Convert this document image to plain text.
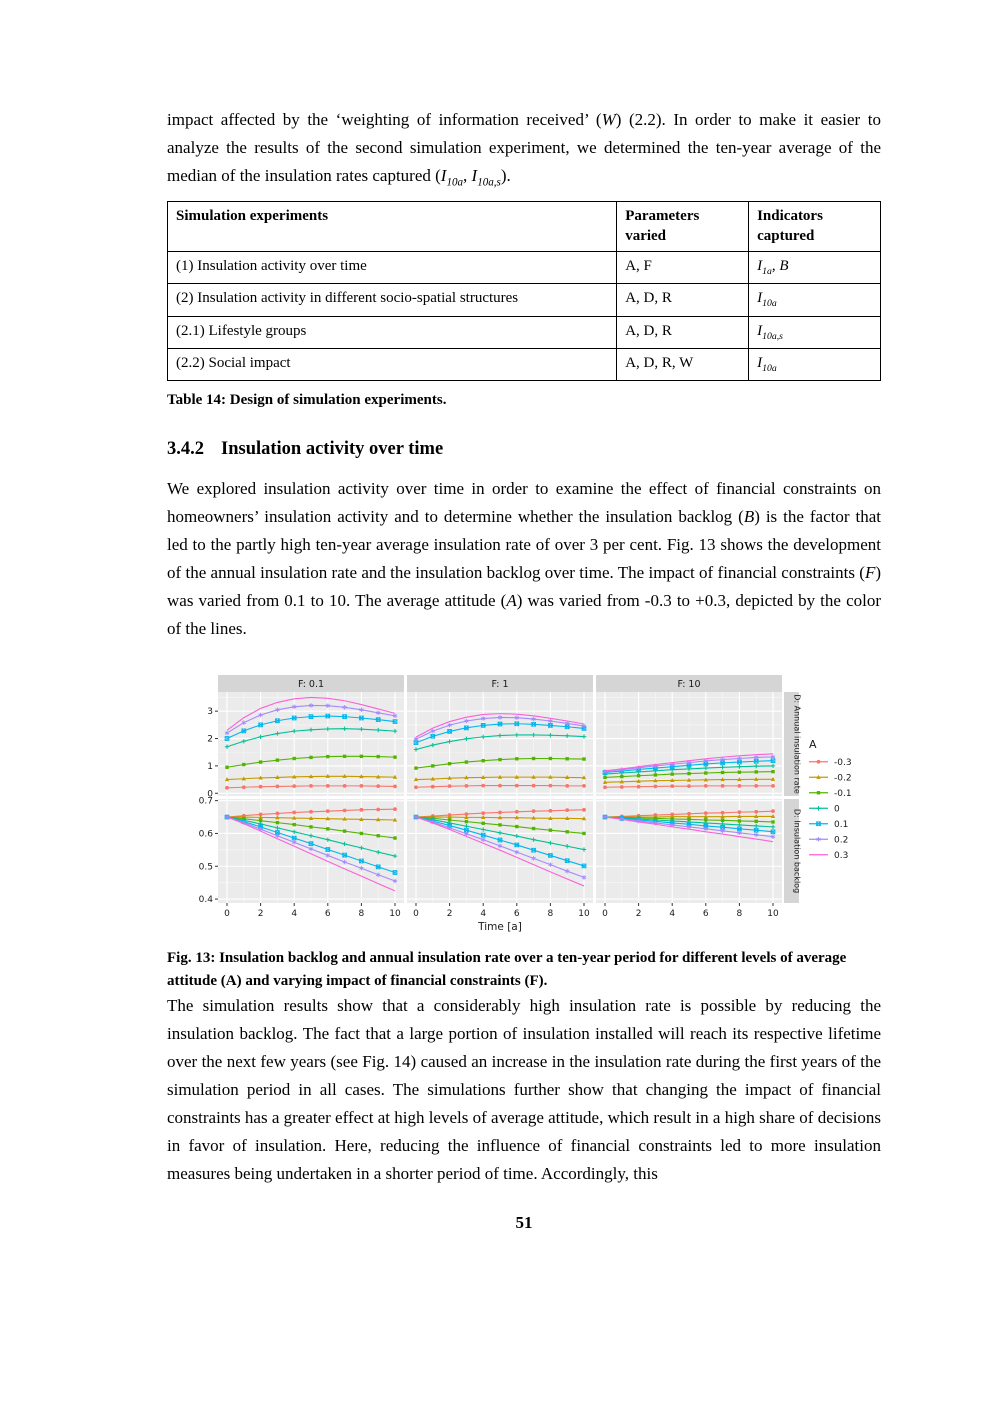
impact affected by the ‘weighting of information received’ (W) (2.2). In order to make it easier to analyze the results of the second simulation experiment, we determined the ten-year average of the median of the insulation rates captured ($I_{10a}$, $I_{10a,s}$).

Simulation experiments	Parameters varied	Indicators captured
(1) Insulation activity over time	A, F	$I_{1a}$, B
(2) Insulation activity in different socio-spatial structures	A, D, R	$I_{10a}$
(2.1) Lifestyle groups	A, D, R	$I_{10a,s}$
(2.2) Social impact	A, D, R, W	$I_{10a}$

Table 14: Design of simulation experiments.

3.4.2 Insulation activity over time

We explored insulation activity over time in order to examine the effect of financial constraints on homeowners’ insulation activity and to determine whether the insulation backlog (B) is the factor that led to the partly high ten-year average insulation rate of over 3 per cent. Fig. 13 shows the development of the annual insulation rate and the insulation backlog over time. The impact of financial constraints (F) was varied from 0.1 to 10. The average attitude (A) was varied from -0.3 to +0.3, depicted by the color of the lines.

F: 0.1	F: 1	F: 10
D: Annual insulation rate
D: Insulation backlog
0
1
2
3
0.4
0.5
0.6
0.7
0	2	4	6	8	10 0	2	4	6	8	10 0	2	4	6	8	10
Time [a]
A
-0.3
-0.2
-0.1
0
0.1
0.2
0.3

Fig. 13: Insulation backlog and annual insulation rate over a ten-year period for different levels of average attitude (A) and varying impact of financial constraints (F).

The simulation results show that a considerably high insulation rate is possible by reducing the insulation backlog. The fact that a large portion of insulation installed will reach its respective lifetime over the next few years (see Fig. 14) caused an increase in the insulation rate during the first years of the simulation period in all cases. The simulations further show that changing the impact of financial constraints has a greater effect at high levels of average attitude, which result in a high share of decisions in favor of insulation. Here, reducing the influence of financial constraints led to more insulation measures being undertaken in a shorter period of time. Accordingly, this

51
